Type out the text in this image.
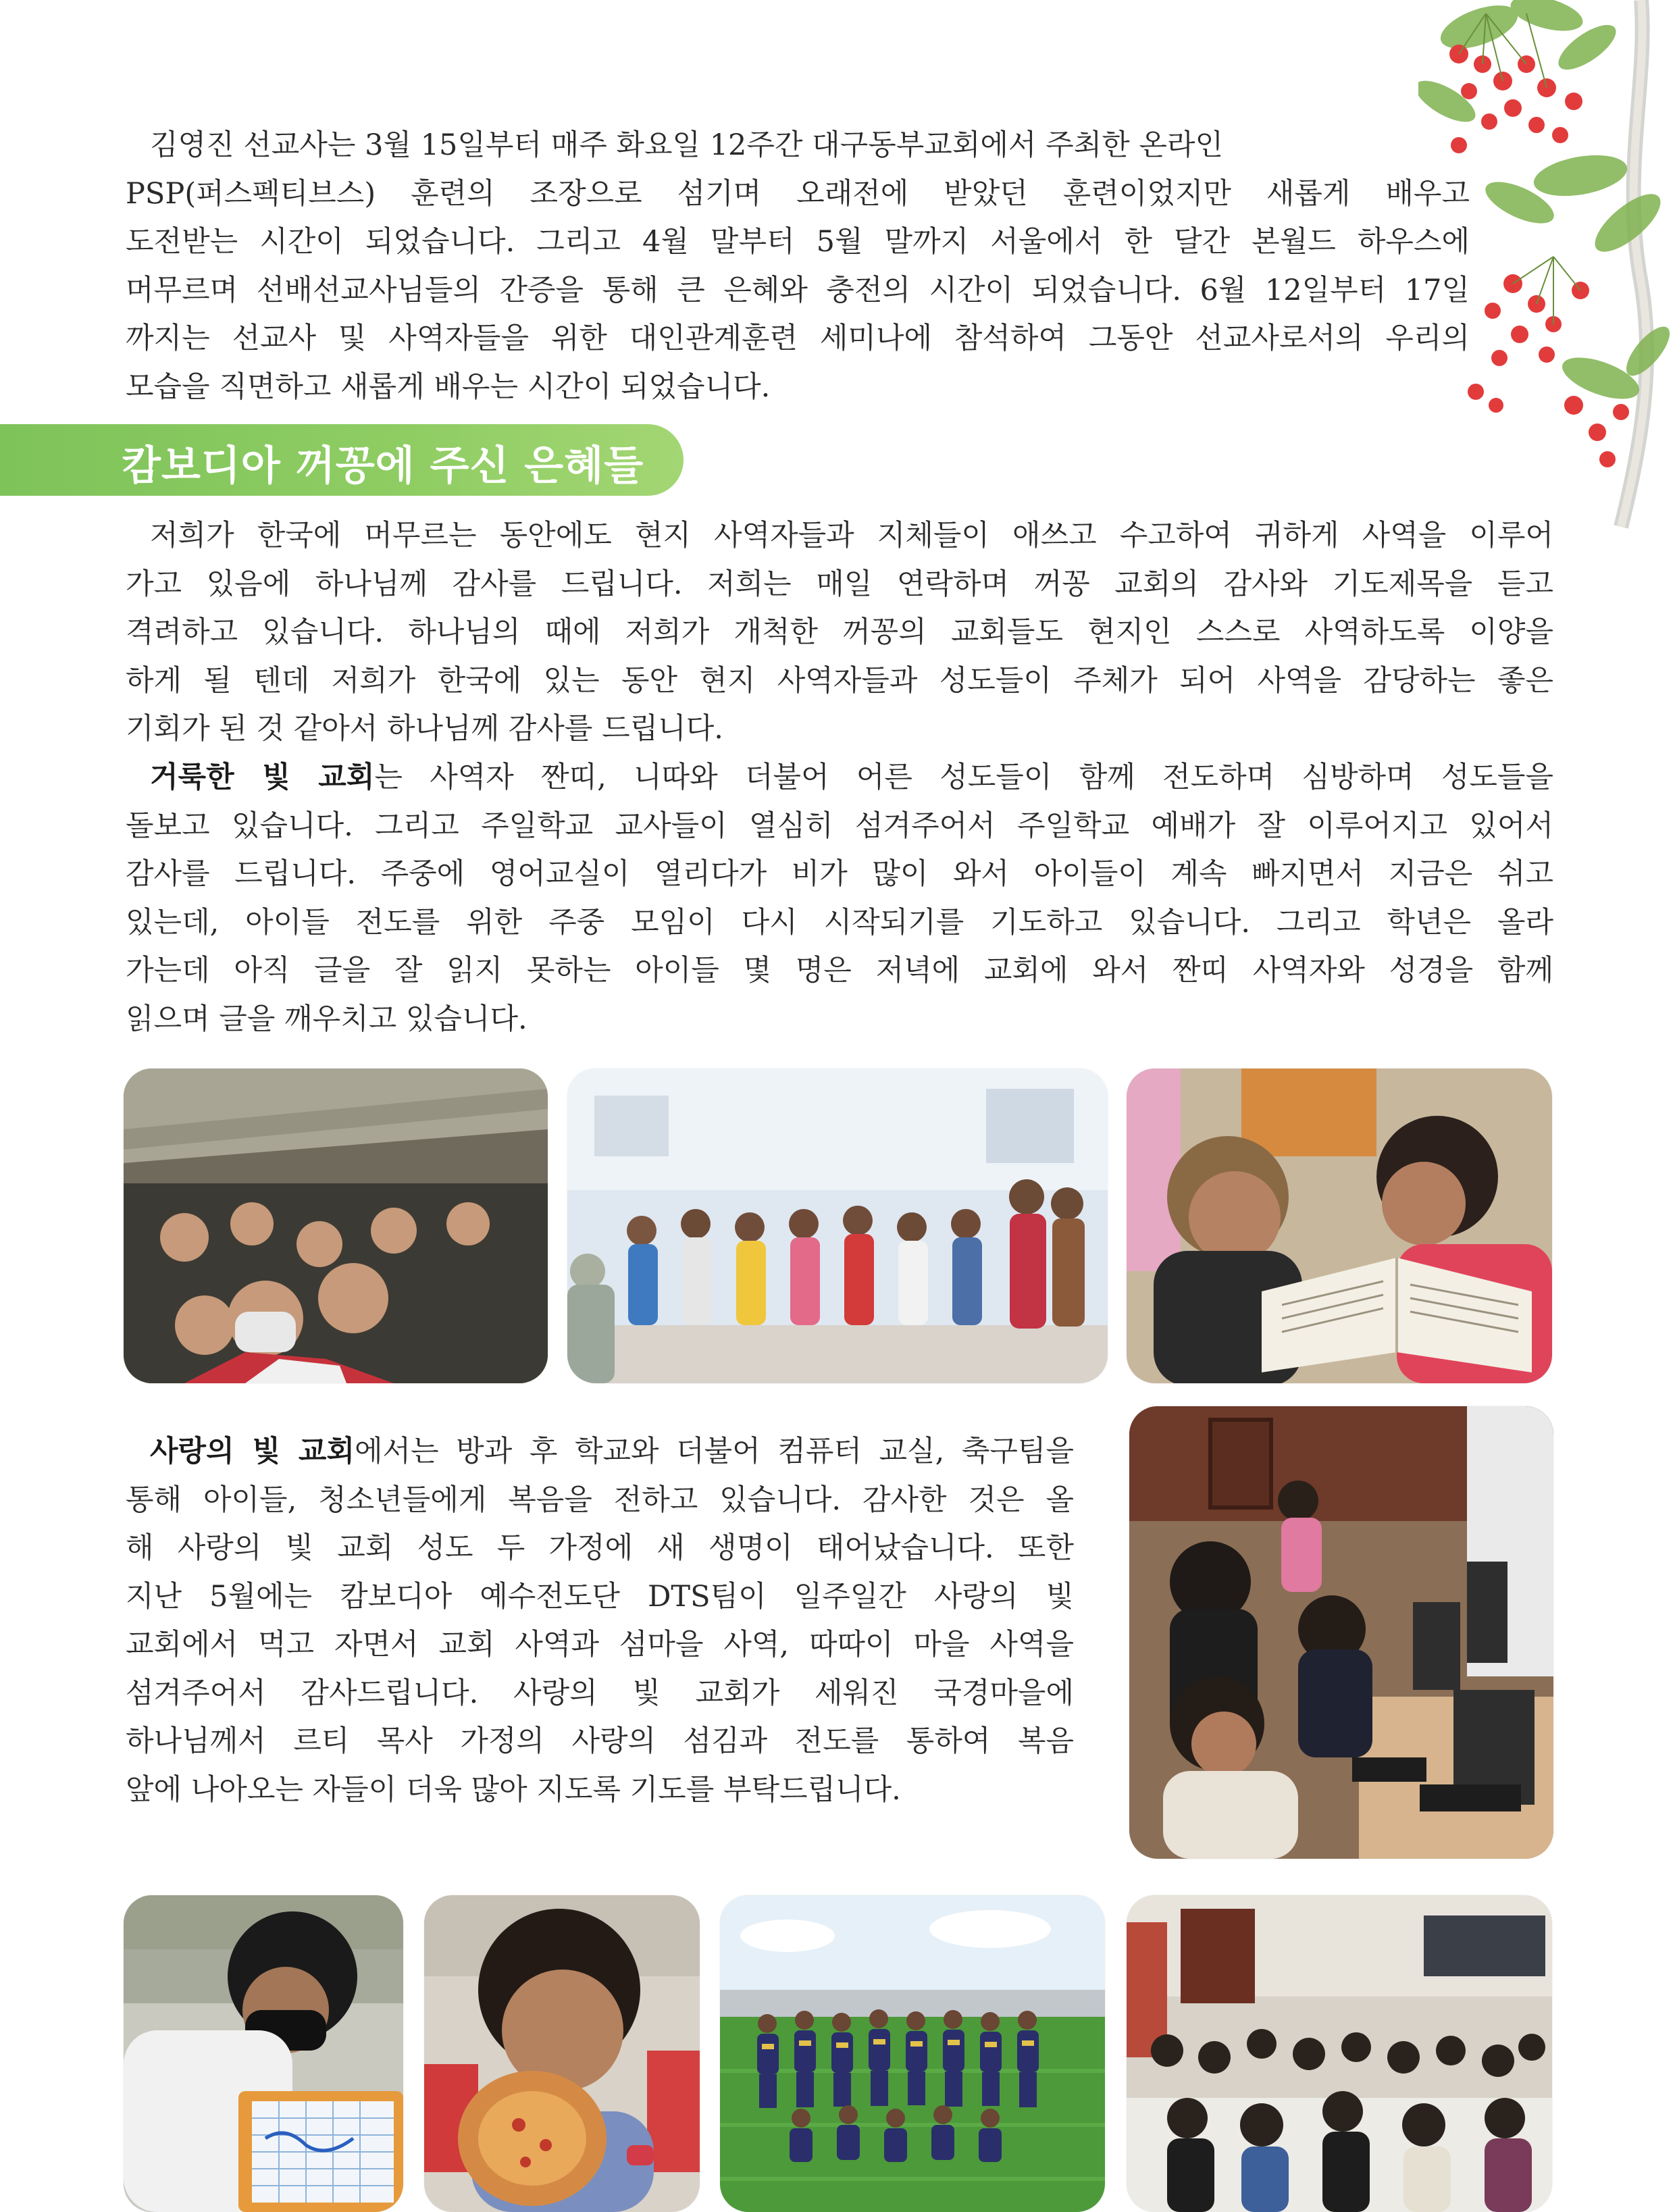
김영진 선교사는 3월 15일부터 매주 화요일 12주간 대구동부교회에서 주최한 온라인
PSP(퍼스펙티브스) 훈련의 조장으로 섬기며 오래전에 받았던 훈련이었지만 새롭게 배우고
도전받는 시간이 되었습니다. 그리고 4월 말부터 5월 말까지 서울에서 한 달간 본월드 하우스에
머무르며 선배선교사님들의 간증을 통해 큰 은혜와 충전의 시간이 되었습니다. 6월 12일부터 17일
까지는 선교사 및 사역자들을 위한 대인관계훈련 세미나에 참석하여 그동안 선교사로서의 우리의
모습을 직면하고 새롭게 배우는 시간이 되었습니다.
캄보디아 꺼꽁에 주신 은혜들
저희가 한국에 머무르는 동안에도 현지 사역자들과 지체들이 애쓰고 수고하여 귀하게 사역을 이루어
가고 있음에 하나님께 감사를 드립니다. 저희는 매일 연락하며 꺼꽁 교회의 감사와 기도제목을 듣고
격려하고 있습니다. 하나님의 때에 저희가 개척한 꺼꽁의 교회들도 현지인 스스로 사역하도록 이양을
하게 될 텐데 저희가 한국에 있는 동안 현지 사역자들과 성도들이 주체가 되어 사역을 감당하는 좋은
기회가 된 것 같아서 하나님께 감사를 드립니다.
거룩한 빛 교회는 사역자 짠띠, 니따와 더불어 어른 성도들이 함께 전도하며 심방하며 성도들을
돌보고 있습니다. 그리고 주일학교 교사들이 열심히 섬겨주어서 주일학교 예배가 잘 이루어지고 있어서
감사를 드립니다. 주중에 영어교실이 열리다가 비가 많이 와서 아이들이 계속 빠지면서 지금은 쉬고
있는데, 아이들 전도를 위한 주중 모임이 다시 시작되기를 기도하고 있습니다. 그리고 학년은 올라
가는데 아직 글을 잘 읽지 못하는 아이들 몇 명은 저녁에 교회에 와서 짠띠 사역자와 성경을 함께
읽으며 글을 깨우치고 있습니다.
사랑의 빛 교회에서는 방과 후 학교와 더불어 컴퓨터 교실, 축구팀을
통해 아이들, 청소년들에게 복음을 전하고 있습니다. 감사한 것은 올
해 사랑의 빛 교회 성도 두 가정에 새 생명이 태어났습니다. 또한
지난 5월에는 캄보디아 예수전도단 DTS팀이 일주일간 사랑의 빛
교회에서 먹고 자면서 교회 사역과 섬마을 사역, 따따이 마을 사역을
섬겨주어서 감사드립니다. 사랑의 빛 교회가 세워진 국경마을에
하나님께서 르티 목사 가정의 사랑의 섬김과 전도를 통하여 복음
앞에 나아오는 자들이 더욱 많아 지도록 기도를 부탁드립니다.
